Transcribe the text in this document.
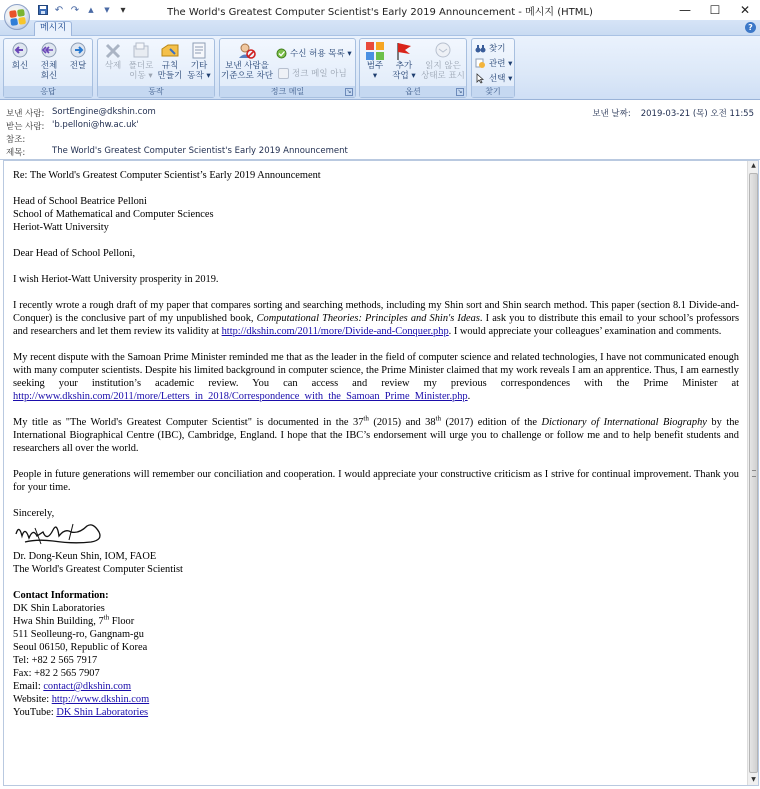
↶ ↷	▲	▼	▾	The World's Greatest Computer Scientist's Early 2019 Announcement - 메시지 (HTML)	—	☐	✕
메시지	?
회신 전체
회신
전달
응답
삭제 폴더로
이동 ▾
규칙
만들기
기타
동작 ▾
동작
보낸 사람을
기준으로 차단
수신 허용 목록 ▾
정크 메일 아님
정크 메일	↘
범주
▾
추가
작업 ▾
읽지 않은
상태로 표시
옵션	↘
찾기
관련 ▾
선택 ▾
찾기
보낸 사람: SortEngine@dkshin.com
받는 사람: 'b.pelloni@hw.ac.uk'
참조:
제목:	The World's Greatest Computer Scientist's Early 2019 Announcement
보낸 날짜: 2019-03-21 (목) 오전 11:55

Re: The World's Greatest Computer Scientist’s Early 2019 Announcement

Head of School Beatrice Pelloni
School of Mathematical and Computer Sciences
Heriot-Watt University

Dear Head of School Pelloni,

I wish Heriot-Watt University prosperity in 2019.

I recently wrote a rough draft of my paper that compares sorting and searching methods, including my Shin sort and Shin search method. This paper (section 8.1 Divide-and-Conquer) is the conclusive part of my unpublished book, Computational Theories: Principles and Shin's Ideas. I ask you to distribute this email to your school’s professors and researchers and let them review its validity at http://dkshin.com/2011/more/Divide-and-Conquer.php. I would appreciate your colleagues’ examination and comments.

My recent dispute with the Samoan Prime Minister reminded me that as the leader in the field of computer science and related technologies, I have not communicated enough with many computer scientists. Despite his limited background in computer science, the Prime Minister claimed that my work reveals I am an apprentice. Thus, I am earnestly seeking your institution’s academic review. You can access and review my previous correspondences with the Prime Minister at http://www.dkshin.com/2011/more/Letters_in_2018/Correspondence_with_the_Samoan_Prime_Minister.php.

My title as "The World's Greatest Computer Scientist" is documented in the 37th (2015) and 38th (2017) edition of the Dictionary of International Biography by the International Biographical Centre (IBC), Cambridge, England. I hope that the IBC’s endorsement will urge you to challenge or follow me and to help benefit students and researchers all over the world.

People in future generations will remember our conciliation and cooperation. I would appreciate your constructive criticism as I strive for continual improvement. Thank you for your time.

Sincerely,

Dr. Dong-Keun Shin, IOM, FAOE
The World's Greatest Computer Scientist

Contact Information:
DK Shin Laboratories
Hwa Shin Building, 7th Floor
511 Seolleung-ro, Gangnam-gu
Seoul 06150, Republic of Korea
Tel: +82 2 565 7917
Fax: +82 2 565 7907
Email: contact@dkshin.com
Website: http://www.dkshin.com
YouTube: DK Shin Laboratories

▲
▼
